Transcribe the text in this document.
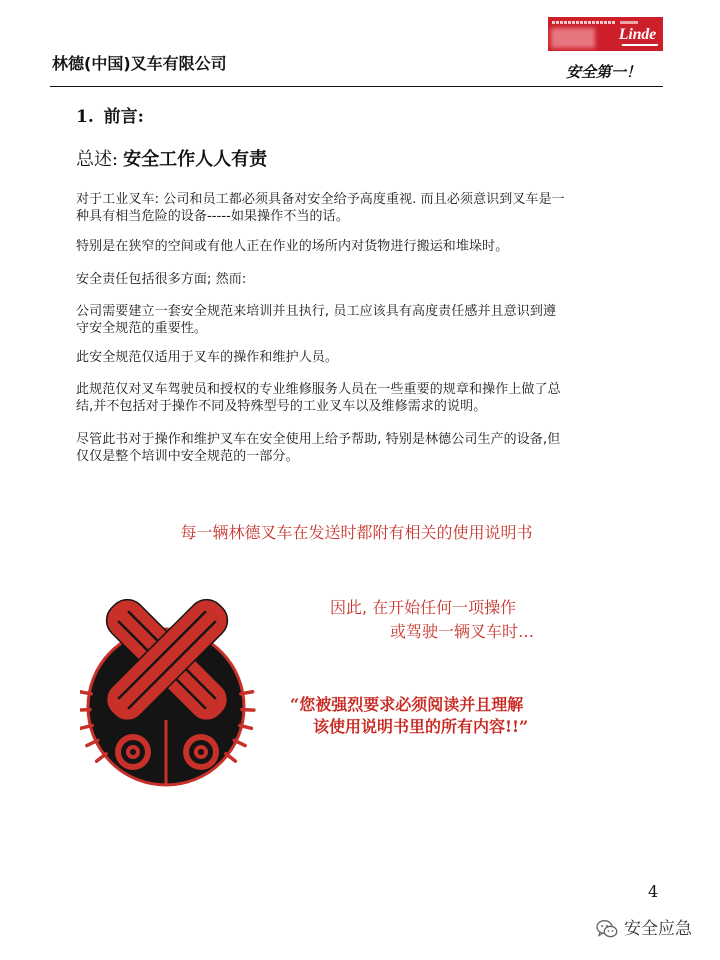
林德(中国)叉车有限公司
Linde
安全第一！
1. 前言:
总述: 安全工作人人有责
对于工业叉车: 公司和员工都必须具备对安全给予高度重视. 而且必须意识到叉车是一
种具有相当危险的设备-----如果操作不当的话。
特别是在狭窄的空间或有他人正在作业的场所内对货物进行搬运和堆垛时。
安全责任包括很多方面; 然而:
公司需要建立一套安全规范来培训并且执行, 员工应该具有高度责任感并且意识到遵
守安全规范的重要性。
此安全规范仅适用于叉车的操作和维护人员。
此规范仅对叉车驾驶员和授权的专业维修服务人员在一些重要的规章和操作上做了总
结,并不包括对于操作不同及特殊型号的工业叉车以及维修需求的说明。
尽管此书对于操作和维护叉车在安全使用上给予帮助, 特别是林德公司生产的设备,但
仅仅是整个培训中安全规范的一部分。
每一辆林德叉车在发送时都附有相关的使用说明书
因此, 在开始任何一项操作
或驾驶一辆叉车时…
“您被强烈要求必须阅读并且理解
该使用说明书里的所有内容!!”
4
安全应急
